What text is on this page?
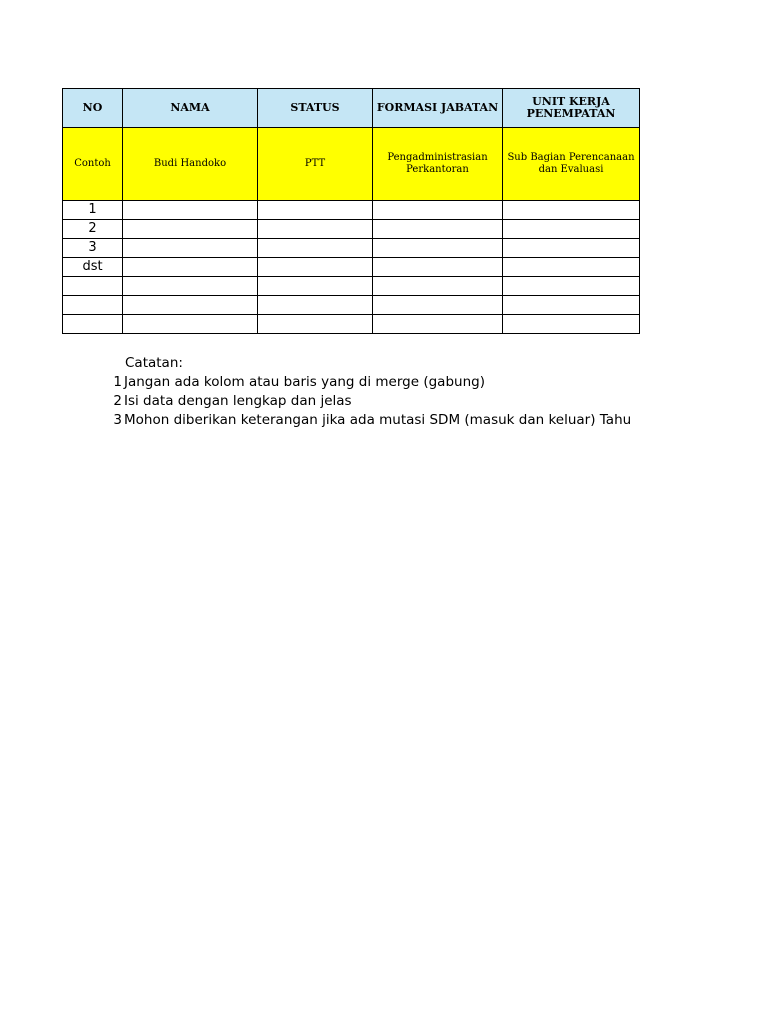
NO	NAMA	STATUS	FORMASI JABATAN	UNIT KERJA PENEMPATAN
Contoh	Budi Handoko	PTT	Pengadministrasian Perkantoran	Sub Bagian Perencanaan dan Evaluasi
1				
2				
3				
dst				

Catatan:
1 Jangan ada kolom atau baris yang di merge (gabung)
2 Isi data dengan lengkap dan jelas
3 Mohon diberikan keterangan jika ada mutasi SDM (masuk dan keluar) Tahu
